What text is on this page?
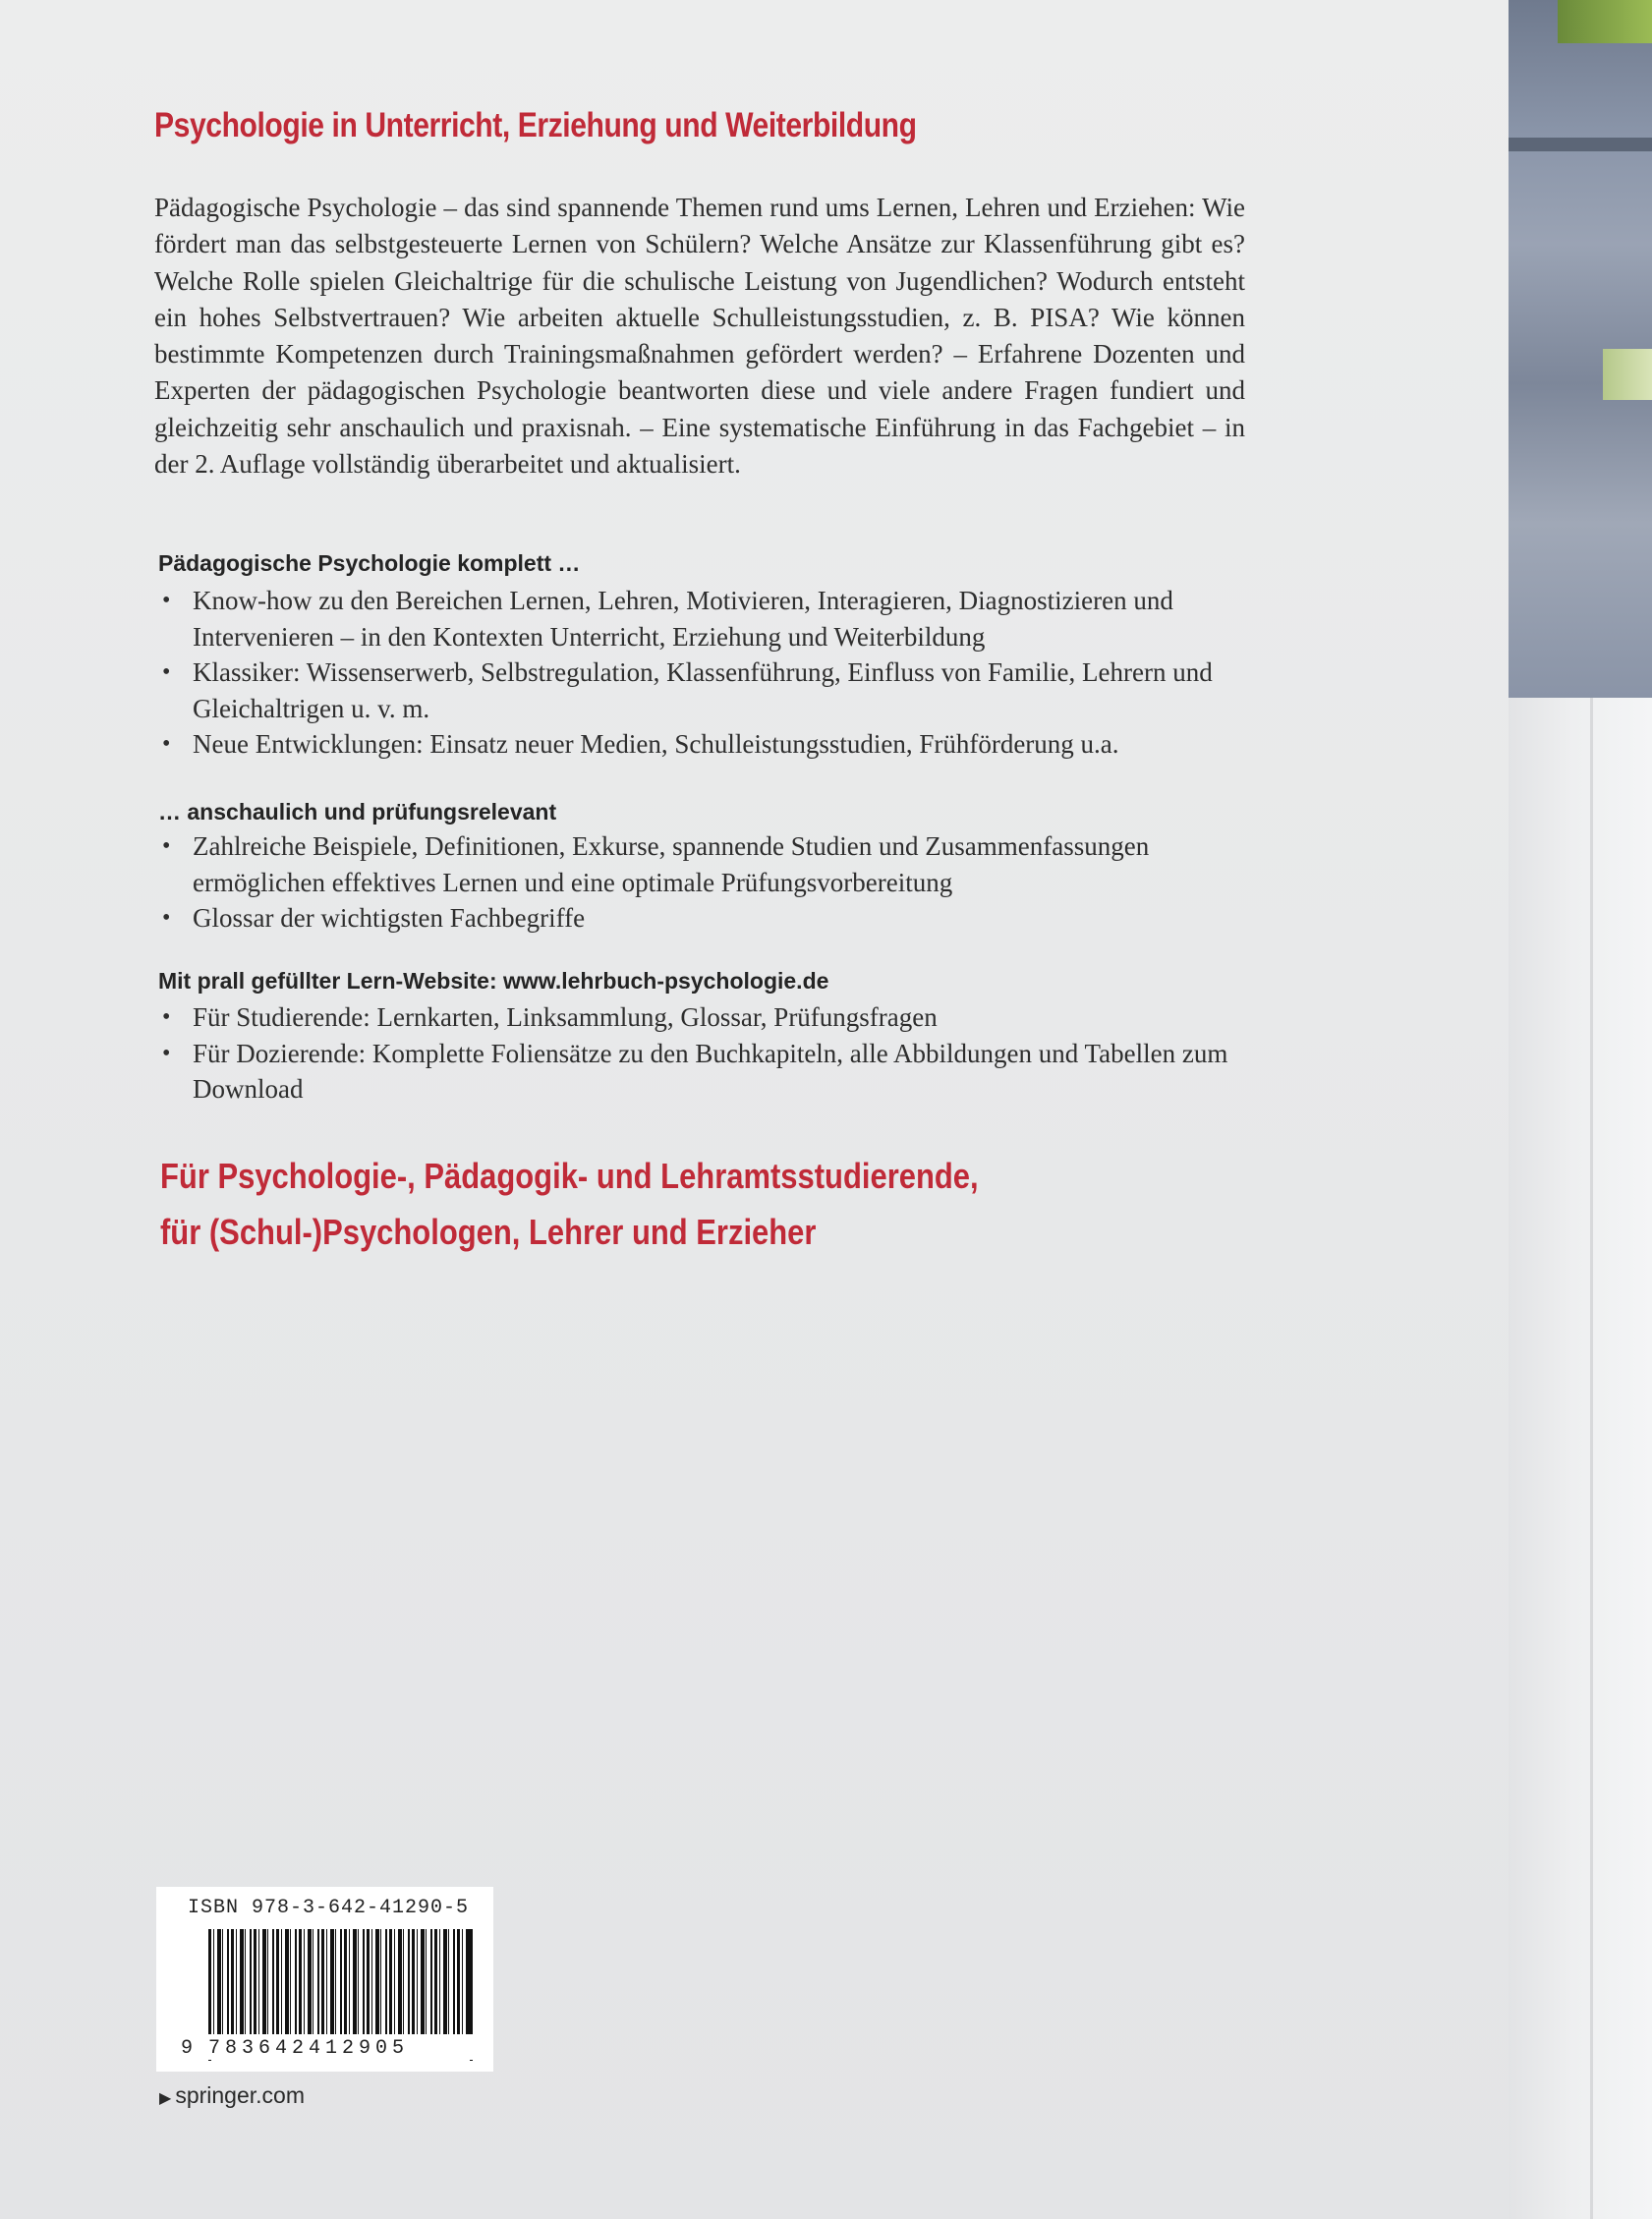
Psychologie in Unterricht, Erziehung und Weiterbildung
Pädagogische Psychologie – das sind spannende Themen rund ums Lernen, Lehren und Erziehen: Wie fördert man das selbstgesteuerte Lernen von Schülern? Welche Ansätze zur Klassenführung gibt es? Welche Rolle spielen Gleichaltrige für die schulische Leistung von Jugendlichen? Wodurch entsteht ein hohes Selbstvertrauen? Wie arbeiten aktuelle Schulleistungsstudien, z. B. PISA? Wie können bestimmte Kompetenzen durch Trainingsmaßnahmen gefördert werden? – Erfahrene Dozenten und Experten der pädagogischen Psychologie beantworten diese und viele andere Fragen fundiert und gleichzeitig sehr anschaulich und praxisnah. – Eine systematische Einführung in das Fachgebiet – in der 2. Auflage vollständig überarbeitet und aktualisiert.
Pädagogische Psychologie komplett …
• Know-how zu den Bereichen Lernen, Lehren, Motivieren, Interagieren, Diagnostizieren und Intervenieren – in den Kontexten Unterricht, Erziehung und Weiterbildung
• Klassiker: Wissenserwerb, Selbstregulation, Klassenführung, Einfluss von Familie, Lehrern und Gleichaltrigen u. v. m.
• Neue Entwicklungen: Einsatz neuer Medien, Schulleistungsstudien, Frühförderung u.a.
… anschaulich und prüfungsrelevant
• Zahlreiche Beispiele, Definitionen, Exkurse, spannende Studien und Zusammenfassungen ermöglichen effektives Lernen und eine optimale Prüfungsvorbereitung
• Glossar der wichtigsten Fachbegriffe
Mit prall gefüllter Lern-Website: www.lehrbuch-psychologie.de
• Für Studierende: Lernkarten, Linksammlung, Glossar, Prüfungsfragen
• Für Dozierende: Komplette Foliensätze zu den Buchkapiteln, alle Abbildungen und Tabellen zum Download
Für Psychologie-, Pädagogik- und Lehramtsstudierende,
für (Schul-)Psychologen, Lehrer und Erzieher
ISBN 978-3-642-41290-5
9 783642412905
▶ springer.com
